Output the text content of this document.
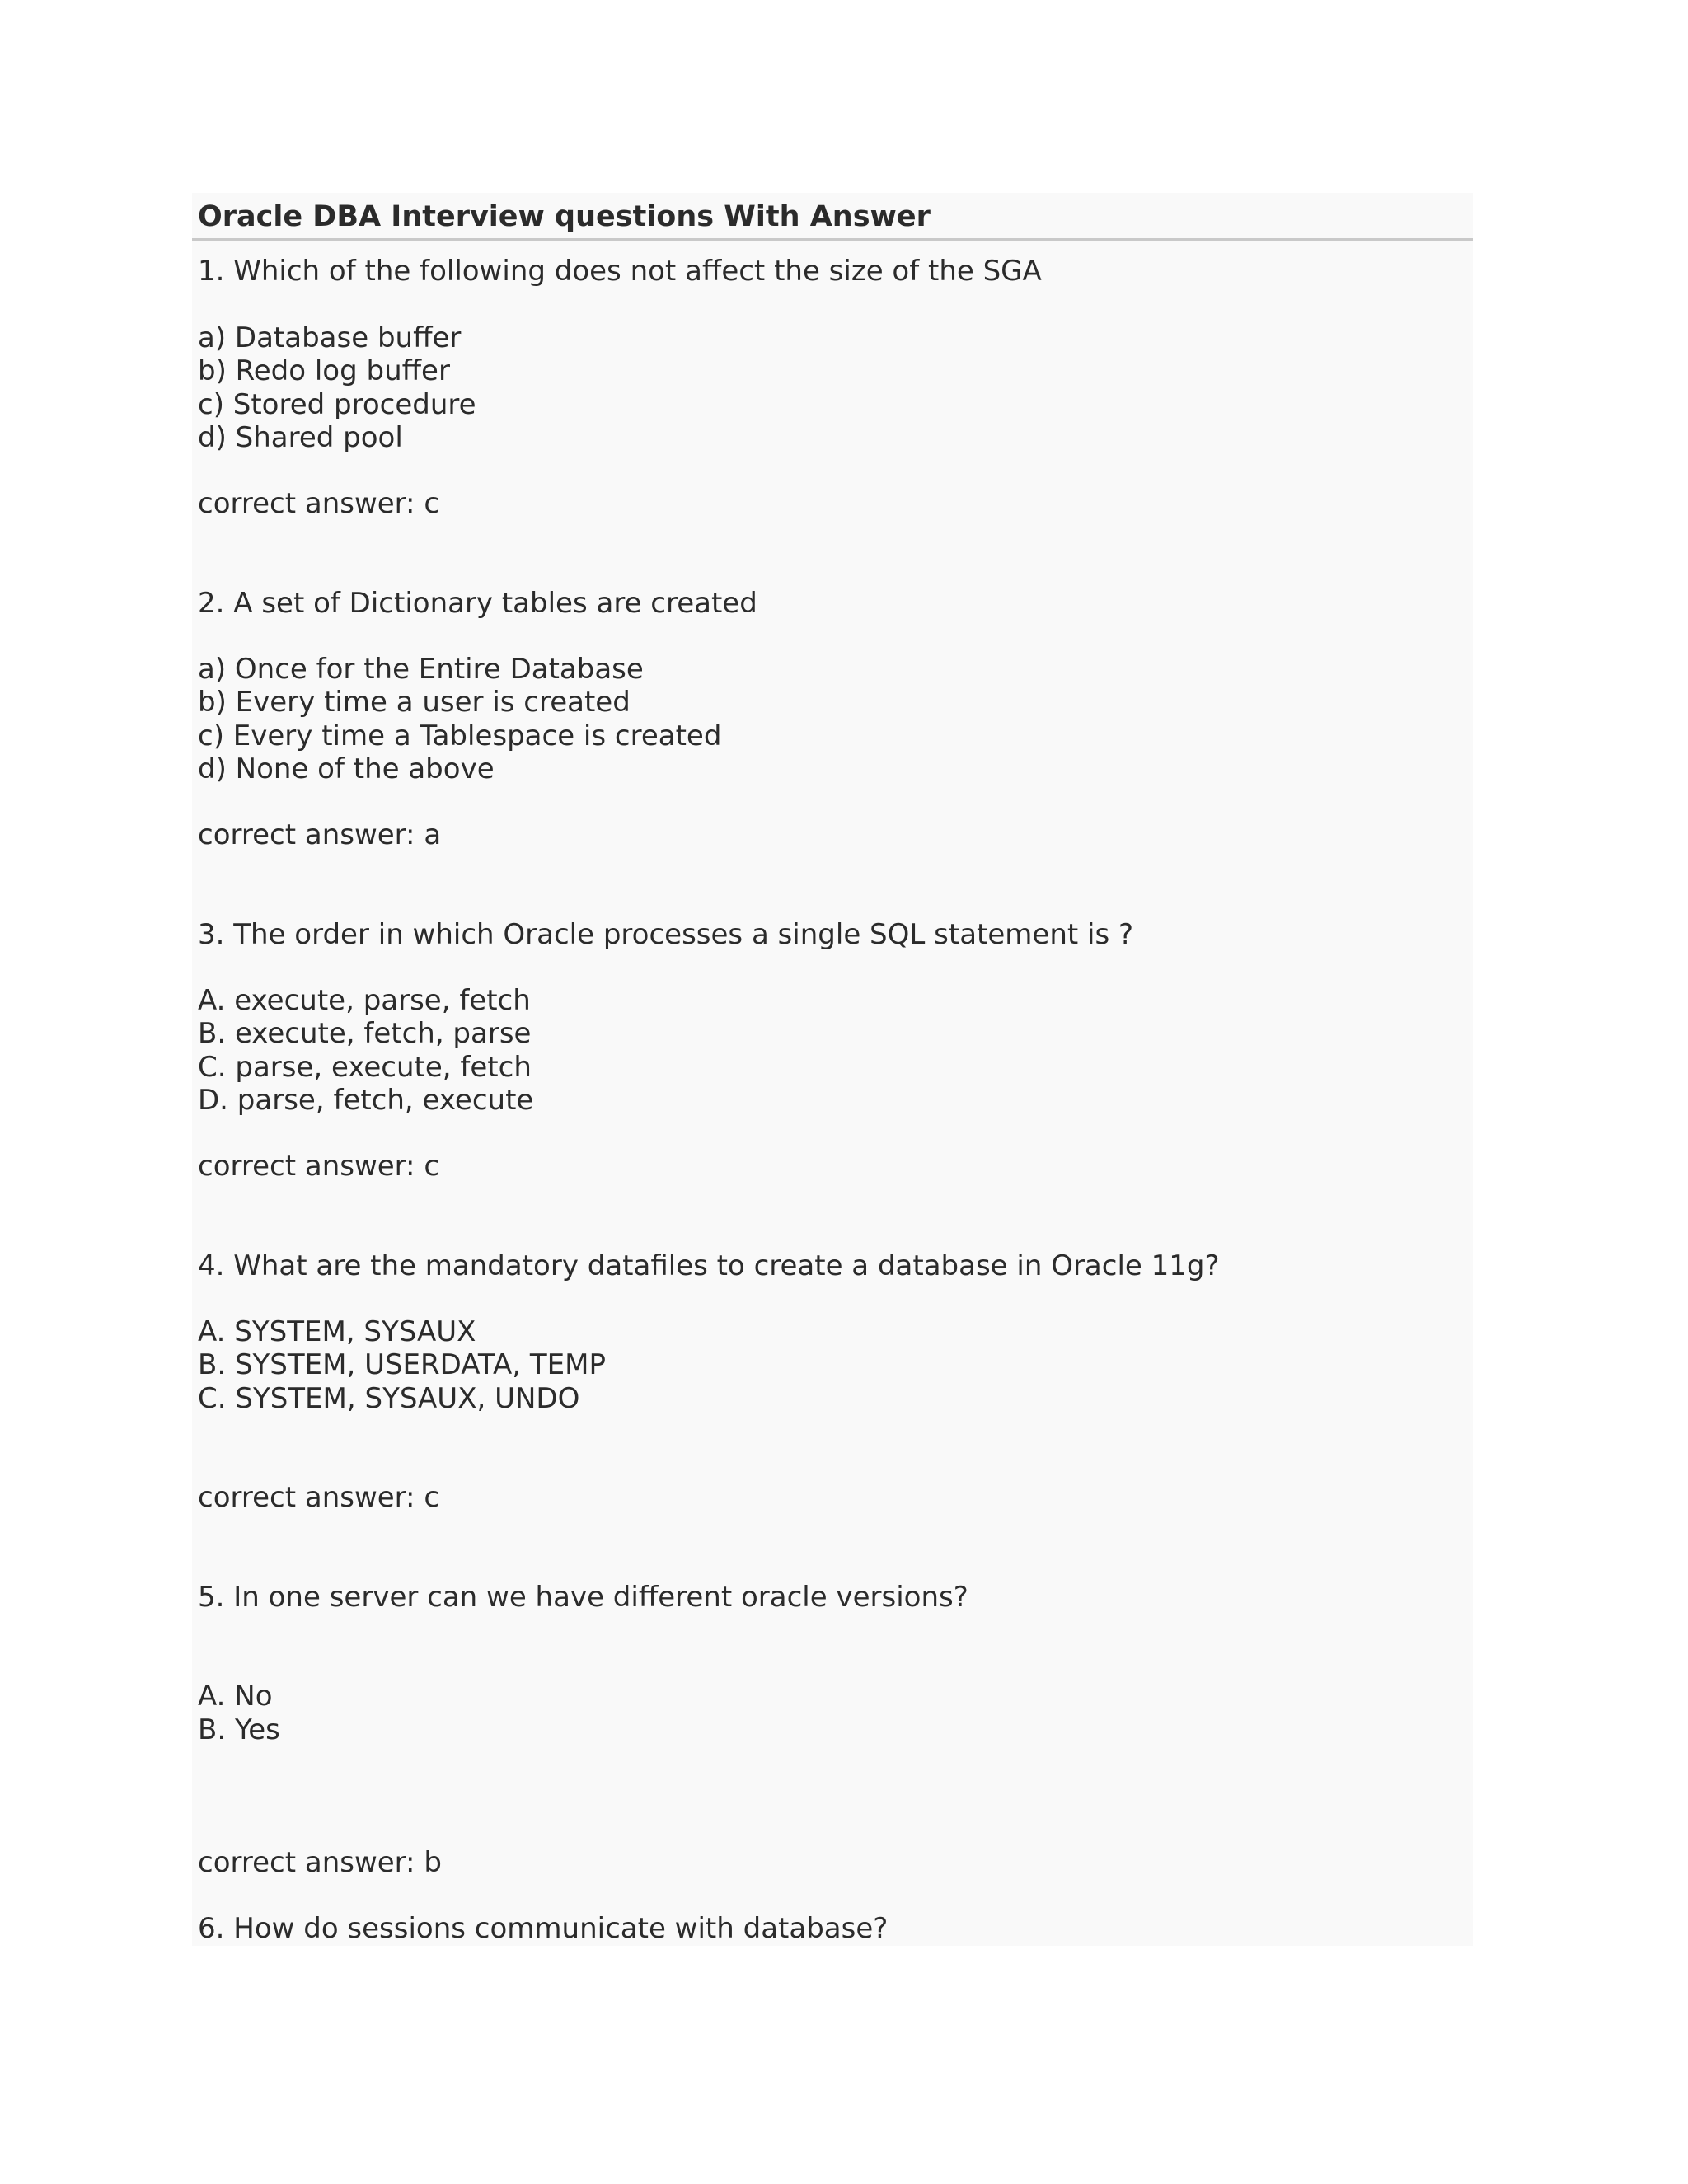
Oracle DBA Interview questions With Answer
1. Which of the following does not affect the size of the SGA
a) Database buffer
b) Redo log buffer
c) Stored procedure
d) Shared pool
correct answer: c
2. A set of Dictionary tables are created
a) Once for the Entire Database
b) Every time a user is created
c) Every time a Tablespace is created
d) None of the above
correct answer: a
3. The order in which Oracle processes a single SQL statement is ?
A. execute, parse, fetch
B. execute, fetch, parse
C. parse, execute, fetch
D. parse, fetch, execute
correct answer: c
4. What are the mandatory datafiles to create a database in Oracle 11g?
A. SYSTEM, SYSAUX
B. SYSTEM, USERDATA, TEMP
C. SYSTEM, SYSAUX, UNDO
correct answer: c
5. In one server can we have different oracle versions?
A. No
B. Yes
correct answer: b
6. How do sessions communicate with database?
